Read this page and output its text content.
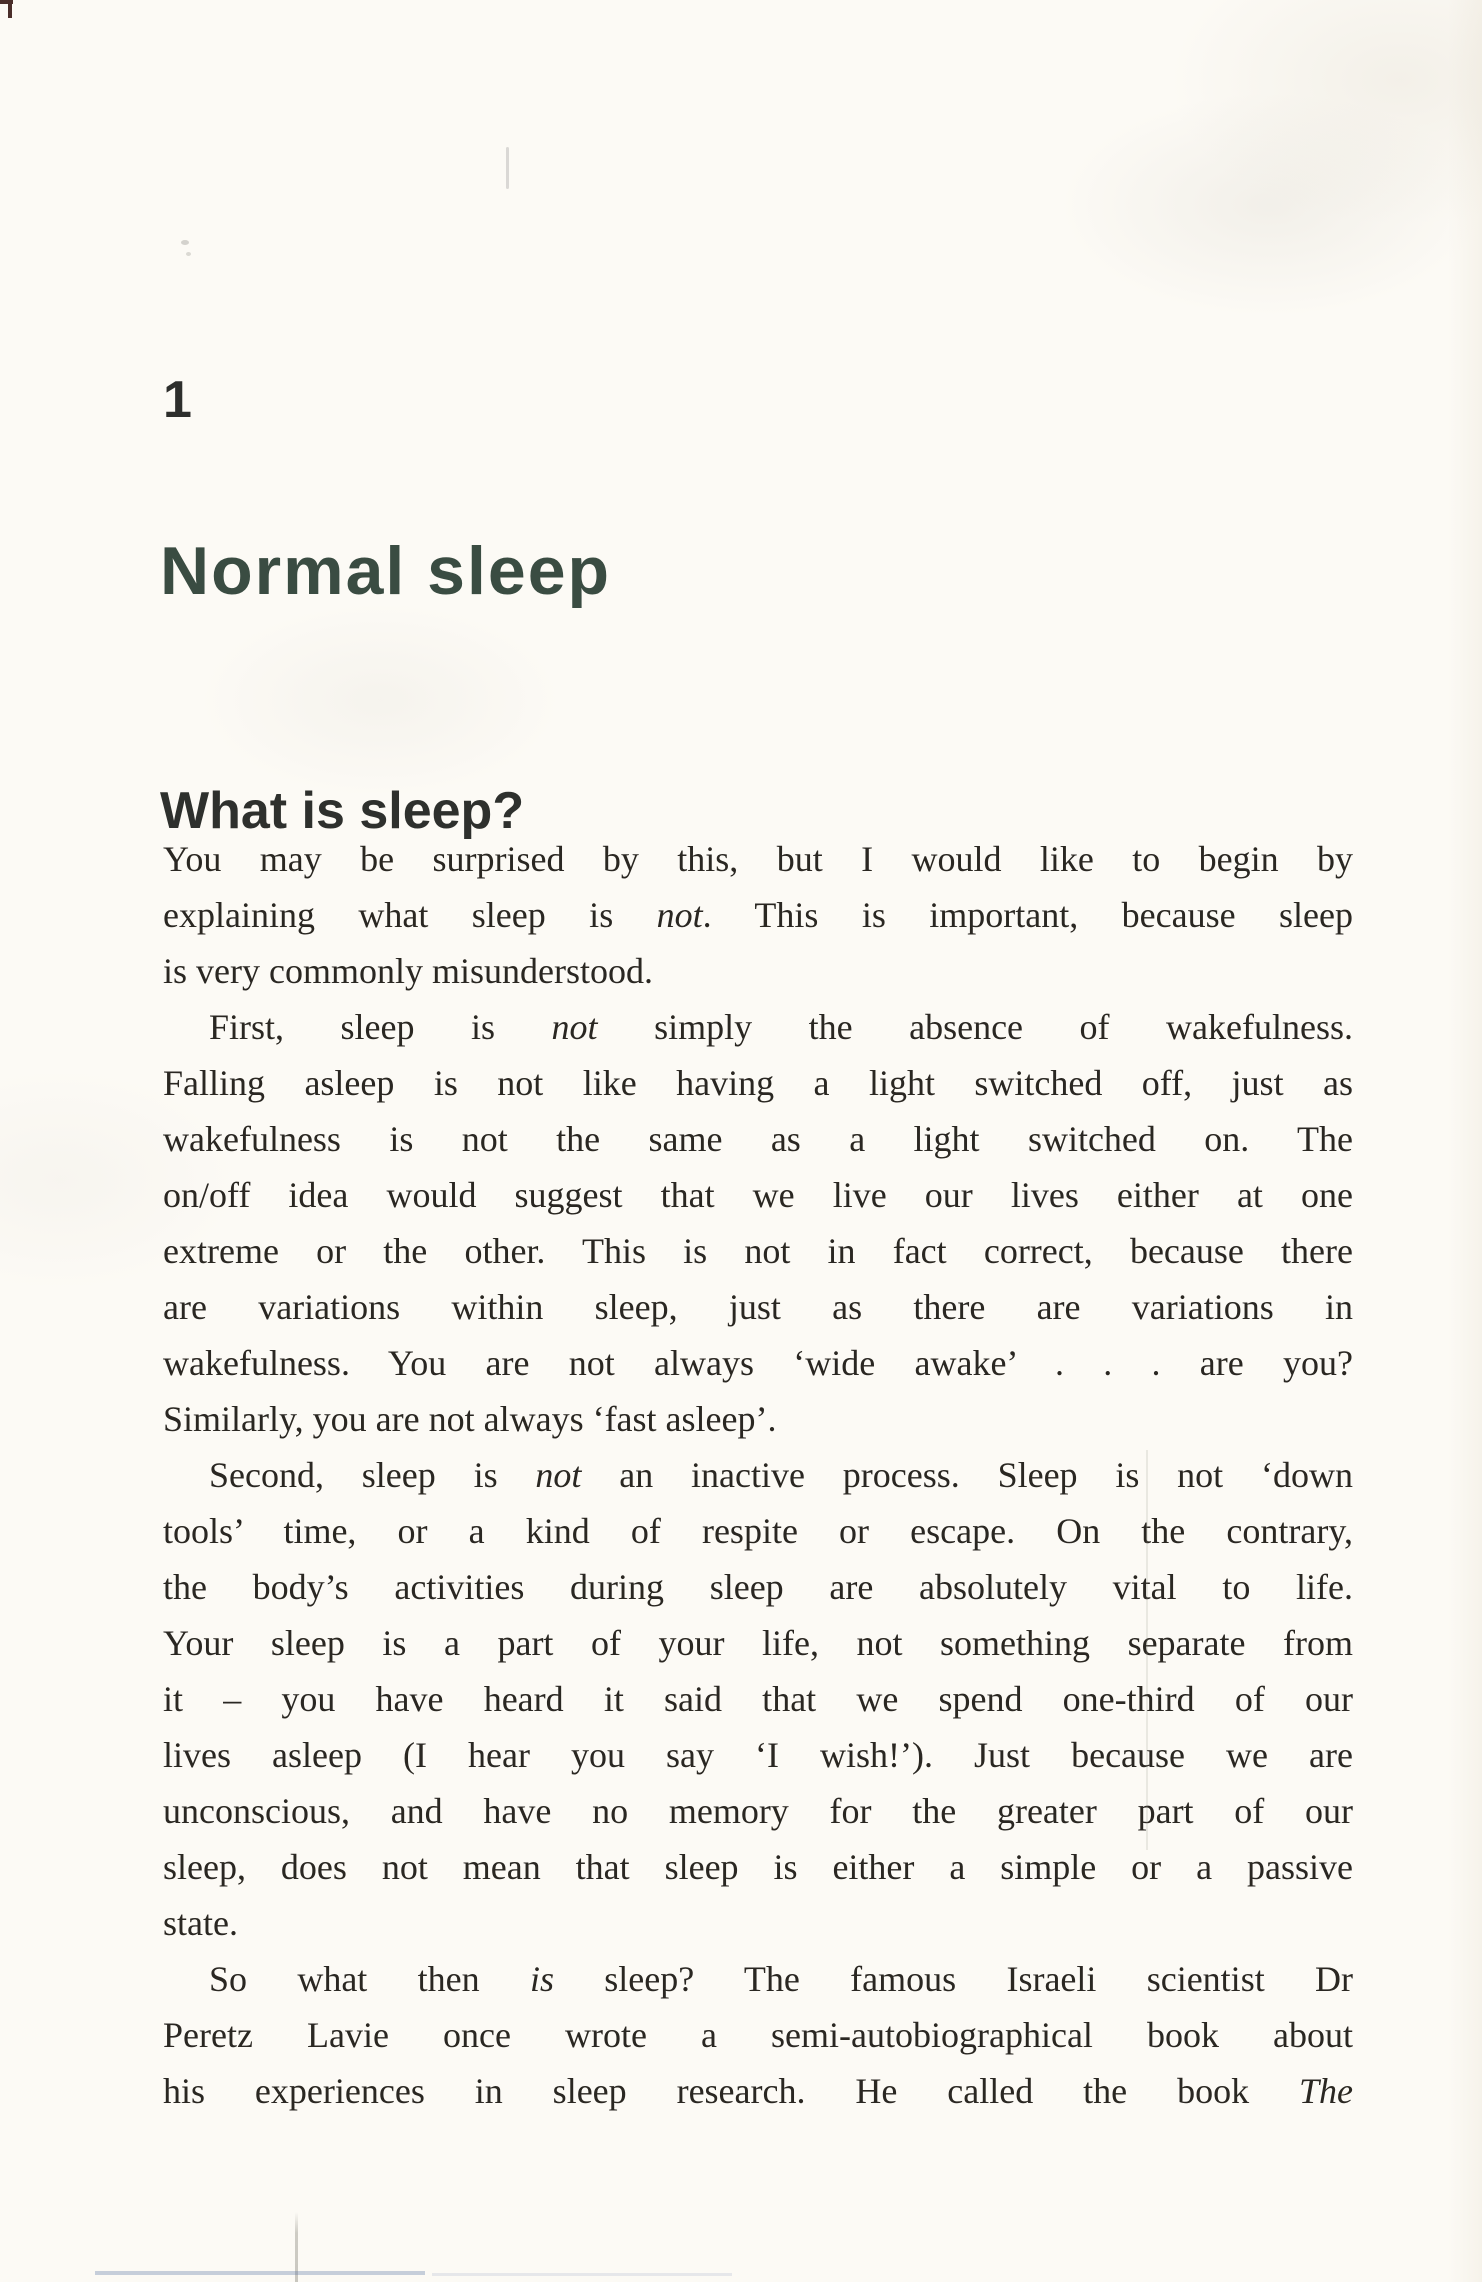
1
Normal sleep
What is sleep?
You may be surprised by this, but I would like to begin by
explaining what sleep is not. This is important, because sleep
is very commonly misunderstood.
First, sleep is not simply the absence of wakefulness.
Falling asleep is not like having a light switched off, just as
wakefulness is not the same as a light switched on. The
on/off idea would suggest that we live our lives either at one
extreme or the other. This is not in fact correct, because there
are variations within sleep, just as there are variations in
wakefulness. You are not always ‘wide awake’ . . . are you?
Similarly, you are not always ‘fast asleep’.
Second, sleep is not an inactive process. Sleep is not ‘down
tools’ time, or a kind of respite or escape. On the contrary,
the body’s activities during sleep are absolutely vital to life.
Your sleep is a part of your life, not something separate from
it – you have heard it said that we spend one-third of our
lives asleep (I hear you say ‘I wish!’). Just because we are
unconscious, and have no memory for the greater part of our
sleep, does not mean that sleep is either a simple or a passive
state.
So what then is sleep? The famous Israeli scientist Dr
Peretz Lavie once wrote a semi-autobiographical book about
his experiences in sleep research. He called the book The
